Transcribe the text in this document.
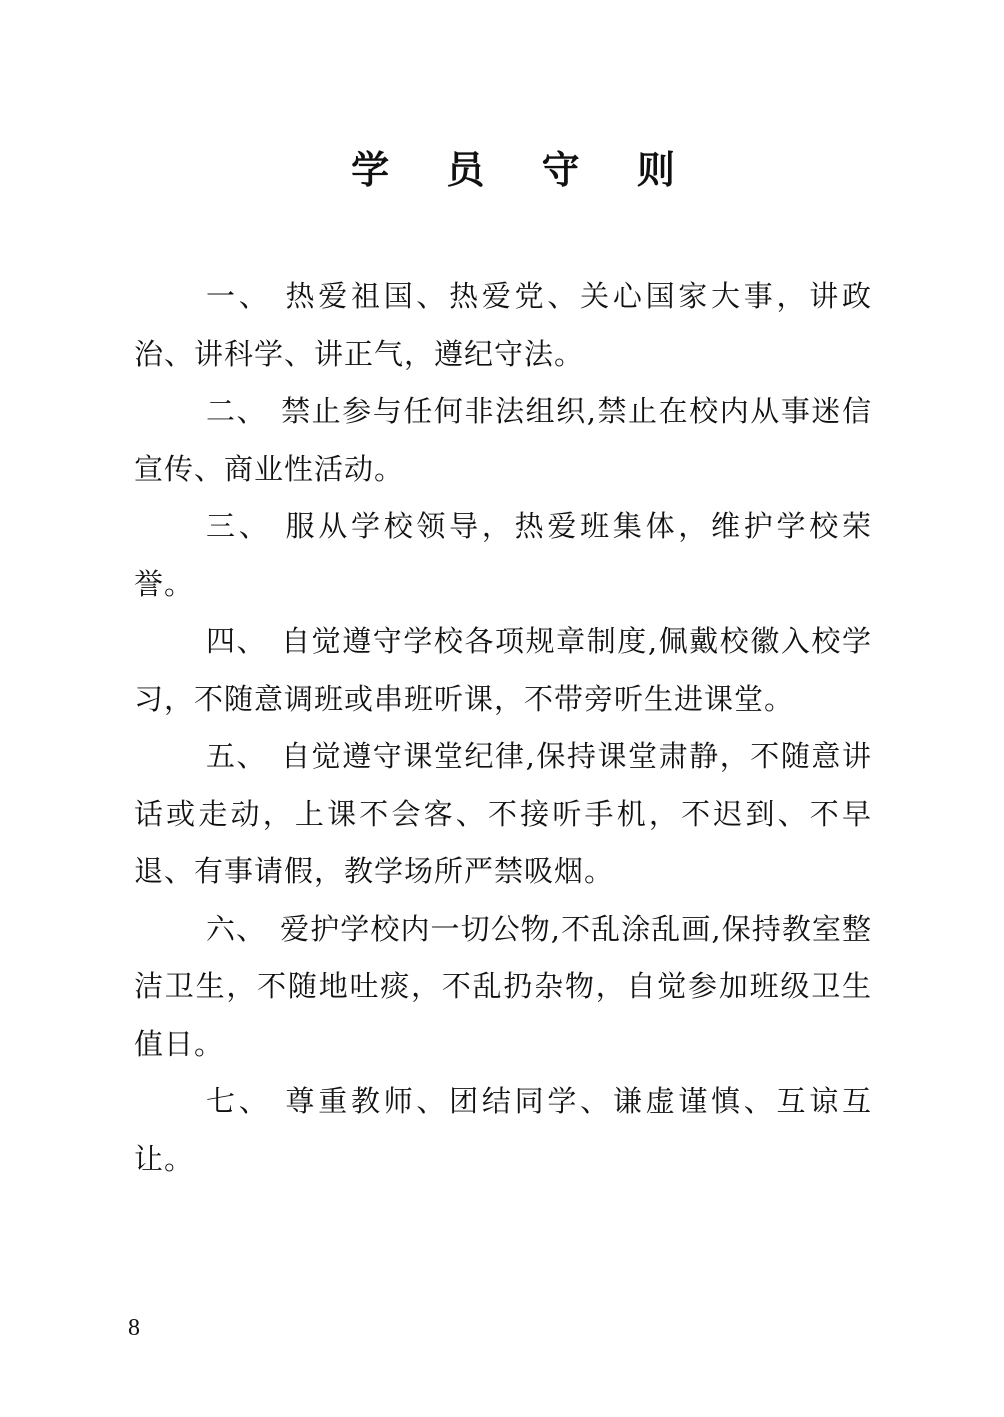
学 员 守 则

一、 热爱祖国、热爱党、关心国家大事，讲政治、讲科学、讲正气，遵纪守法。

二、 禁止参与任何非法组织,禁止在校内从事迷信宣传、商业性活动。

三、 服从学校领导，热爱班集体，维护学校荣誉。

四、 自觉遵守学校各项规章制度,佩戴校徽入校学习，不随意调班或串班听课，不带旁听生进课堂。

五、 自觉遵守课堂纪律,保持课堂肃静，不随意讲话或走动，上课不会客、不接听手机，不迟到、不早退、有事请假，教学场所严禁吸烟。

六、 爱护学校内一切公物,不乱涂乱画,保持教室整洁卫生，不随地吐痰，不乱扔杂物，自觉参加班级卫生值日。

七、 尊重教师、团结同学、谦虚谨慎、互谅互让。

8
